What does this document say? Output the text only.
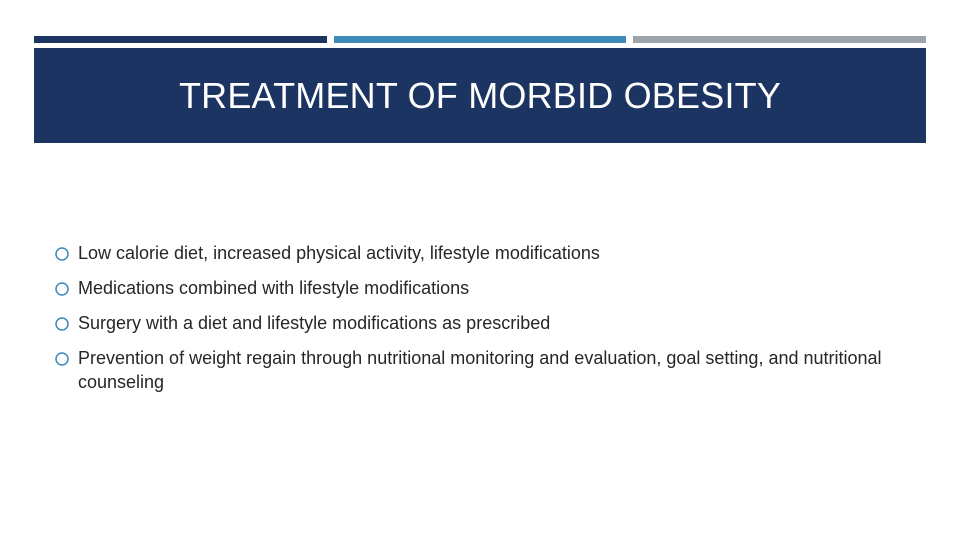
TREATMENT OF MORBID OBESITY
Low calorie diet, increased physical activity, lifestyle modifications
Medications combined with lifestyle modifications
Surgery with a diet and lifestyle modifications as prescribed
Prevention of weight regain through nutritional monitoring and evaluation, goal setting, and nutritional counseling
